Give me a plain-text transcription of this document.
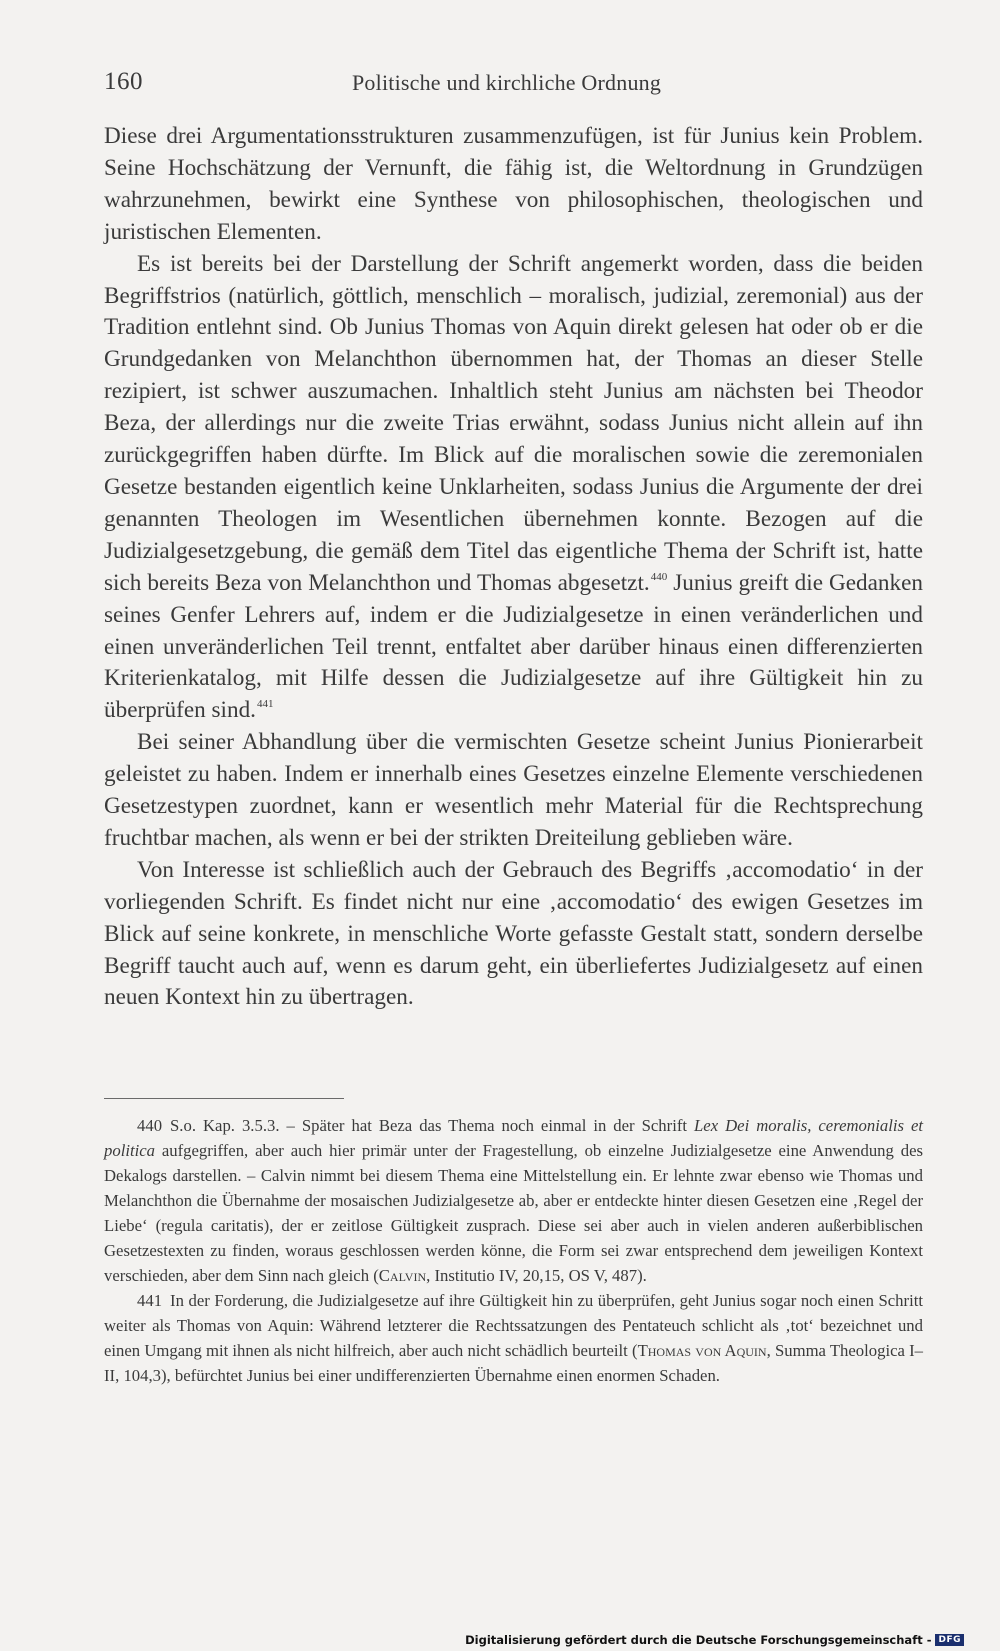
160	Politische und kirchliche Ordnung

Diese drei Argumentationsstrukturen zusammenzufügen, ist für Junius kein Problem. Seine Hochschätzung der Vernunft, die fähig ist, die Weltordnung in Grundzügen wahrzunehmen, bewirkt eine Synthese von philosophischen, theologischen und juristischen Elementen.

Es ist bereits bei der Darstellung der Schrift angemerkt worden, dass die beiden Begriffstrios (natürlich, göttlich, menschlich – moralisch, judizial, zeremonial) aus der Tradition entlehnt sind. Ob Junius Thomas von Aquin direkt gelesen hat oder ob er die Grundgedanken von Melanchthon übernommen hat, der Thomas an dieser Stelle rezipiert, ist schwer auszumachen. Inhaltlich steht Junius am nächsten bei Theodor Beza, der allerdings nur die zweite Trias erwähnt, sodass Junius nicht allein auf ihn zurückgegriffen haben dürfte. Im Blick auf die moralischen sowie die zeremonialen Gesetze bestanden eigentlich keine Unklarheiten, sodass Junius die Argumente der drei genannten Theologen im Wesentlichen übernehmen konnte. Bezogen auf die Judizialgesetzgebung, die gemäß dem Titel das eigentliche Thema der Schrift ist, hatte sich bereits Beza von Melanchthon und Thomas abgesetzt.$^{440}$ Junius greift die Gedanken seines Genfer Lehrers auf, indem er die Judizialgesetze in einen veränderlichen und einen unveränderlichen Teil trennt, entfaltet aber darüber hinaus einen differenzierten Kriterienkatalog, mit Hilfe dessen die Judizialgesetze auf ihre Gültigkeit hin zu überprüfen sind.$^{441}$

Bei seiner Abhandlung über die vermischten Gesetze scheint Junius Pionierarbeit geleistet zu haben. Indem er innerhalb eines Gesetzes einzelne Elemente verschiedenen Gesetzestypen zuordnet, kann er wesentlich mehr Material für die Rechtsprechung fruchtbar machen, als wenn er bei der strikten Dreiteilung geblieben wäre.

Von Interesse ist schließlich auch der Gebrauch des Begriffs ‚accomodatio‘ in der vorliegenden Schrift. Es findet nicht nur eine ‚accomodatio‘ des ewigen Gesetzes im Blick auf seine konkrete, in menschliche Worte gefasste Gestalt statt, sondern derselbe Begriff taucht auch auf, wenn es darum geht, ein überliefertes Judizialgesetz auf einen neuen Kontext hin zu übertragen.

440 S.o. Kap. 3.5.3. – Später hat Beza das Thema noch einmal in der Schrift Lex Dei moralis, ceremonialis et politica aufgegriffen, aber auch hier primär unter der Fragestellung, ob einzelne Judizialgesetze eine Anwendung des Dekalogs darstellen. – Calvin nimmt bei diesem Thema eine Mittelstellung ein. Er lehnte zwar ebenso wie Thomas und Melanchthon die Übernahme der mosaischen Judizialgesetze ab, aber er entdeckte hinter diesen Gesetzen eine ‚Regel der Liebe‘ (regula caritatis), der er zeitlose Gültigkeit zusprach. Diese sei aber auch in vielen anderen außerbiblischen Gesetzestexten zu finden, woraus geschlossen werden könne, die Form sei zwar entsprechend dem jeweiligen Kontext verschieden, aber dem Sinn nach gleich (Calvin, Institutio IV, 20,15, OS V, 487).

441 In der Forderung, die Judizialgesetze auf ihre Gültigkeit hin zu überprüfen, geht Junius sogar noch einen Schritt weiter als Thomas von Aquin: Während letzterer die Rechtssatzungen des Pentateuch schlicht als ‚tot‘ bezeichnet und einen Umgang mit ihnen als nicht hilfreich, aber auch nicht schädlich beurteilt (Thomas von Aquin, Summa Theologica I–II, 104,3), befürchtet Junius bei einer undifferenzierten Übernahme einen enormen Schaden.

Digitalisierung gefördert durch die Deutsche Forschungsgemeinschaft - DFG
